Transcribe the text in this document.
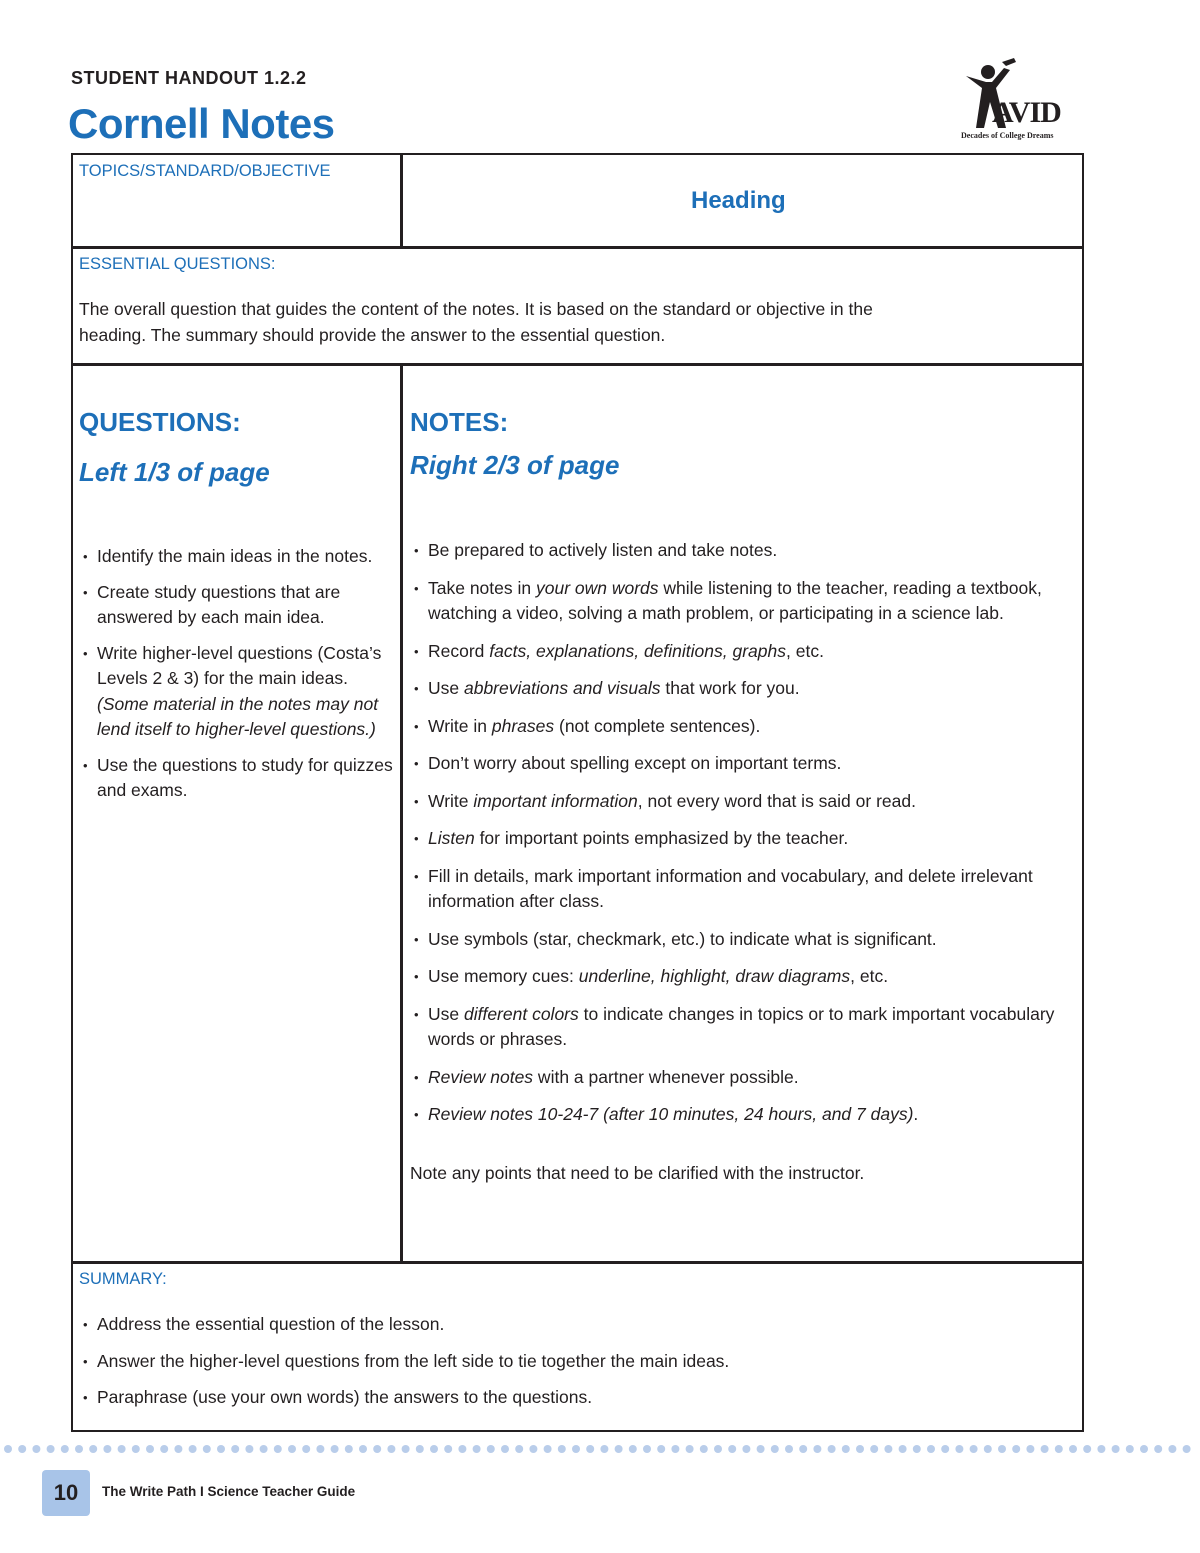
STUDENT HANDOUT 1.2.2
Cornell Notes	AVID
Decades of College Dreams
TOPICS/STANDARD/OBJECTIVE
Heading
ESSENTIAL QUESTIONS:
The overall question that guides the content of the notes. It is based on the standard or objective in the
heading. The summary should provide the answer to the essential question.
QUESTIONS:
Left 1/3 of page
• Identify the main ideas in the notes.
• Create study questions that are answered by each main idea.
• Write higher-level questions (Costa’s Levels 2 & 3) for the main ideas. (Some material in the notes may not lend itself to higher-level questions.)
• Use the questions to study for quizzes and exams.
NOTES:
Right 2/3 of page
• Be prepared to actively listen and take notes.
• Take notes in your own words while listening to the teacher, reading a textbook, watching a video, solving a math problem, or participating in a science lab.
• Record facts, explanations, definitions, graphs, etc.
• Use abbreviations and visuals that work for you.
• Write in phrases (not complete sentences).
• Don’t worry about spelling except on important terms.
• Write important information, not every word that is said or read.
• Listen for important points emphasized by the teacher.
• Fill in details, mark important information and vocabulary, and delete irrelevant information after class.
• Use symbols (star, checkmark, etc.) to indicate what is significant.
• Use memory cues: underline, highlight, draw diagrams, etc.
• Use different colors to indicate changes in topics or to mark important vocabulary words or phrases.
• Review notes with a partner whenever possible.
• Review notes 10-24-7 (after 10 minutes, 24 hours, and 7 days).
Note any points that need to be clarified with the instructor.
SUMMARY:
• Address the essential question of the lesson.
• Answer the higher-level questions from the left side to tie together the main ideas.
• Paraphrase (use your own words) the answers to the questions.
10	The Write Path I Science Teacher Guide
